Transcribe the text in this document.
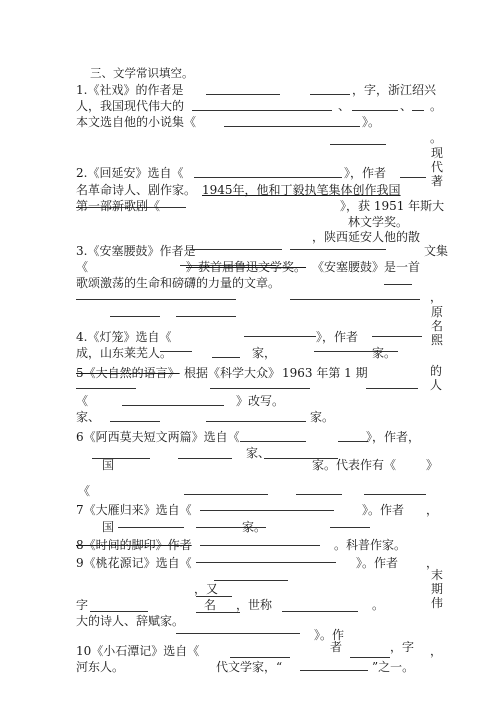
三、文学常识填空。
1.《社戏》的作者是	，字，浙江绍兴
人，我国现代伟大的	、	、 。
本文选自他的小说集《	》。
。
现代著
2.《回延安》选自《	》，作者
名革命诗人、剧作家。 1945年，他和丁毅执笔集体创作我国
第一部新歌剧《	》，获 1951 年斯大
林文学奖。
，陕西延安人他的散
3.《安塞腰鼓》作者是	文集
《	》获首届鲁迅文学奖。 《安塞腰鼓》是一首
歌颂激荡的生命和磅礴的力量的文章。
，
原名熙
4.《灯笼》选自《	》，作者
成，山东莱芜人。	家，	家。
5《大自然的语言》 根据《科学大众》 1963 年第 1 期	的
人
《	》改写。
家、	家。
6《阿西莫夫短文两篇》选自《	》，作者，
家、
国	家。代表作有《 》
《
7《大雁归来》选自《	》。作者 ，
国	家。
8《时间的脚印》作者	。科普作家。
9《桃花源记》选自《	》。作者 ，
，又
字	名 ，世称	。
大的诗人、辞赋家。
末期伟
》。作
10《小石潭记》选自《	者	，字 ，
河东人。	代文学家，“	”之一。
